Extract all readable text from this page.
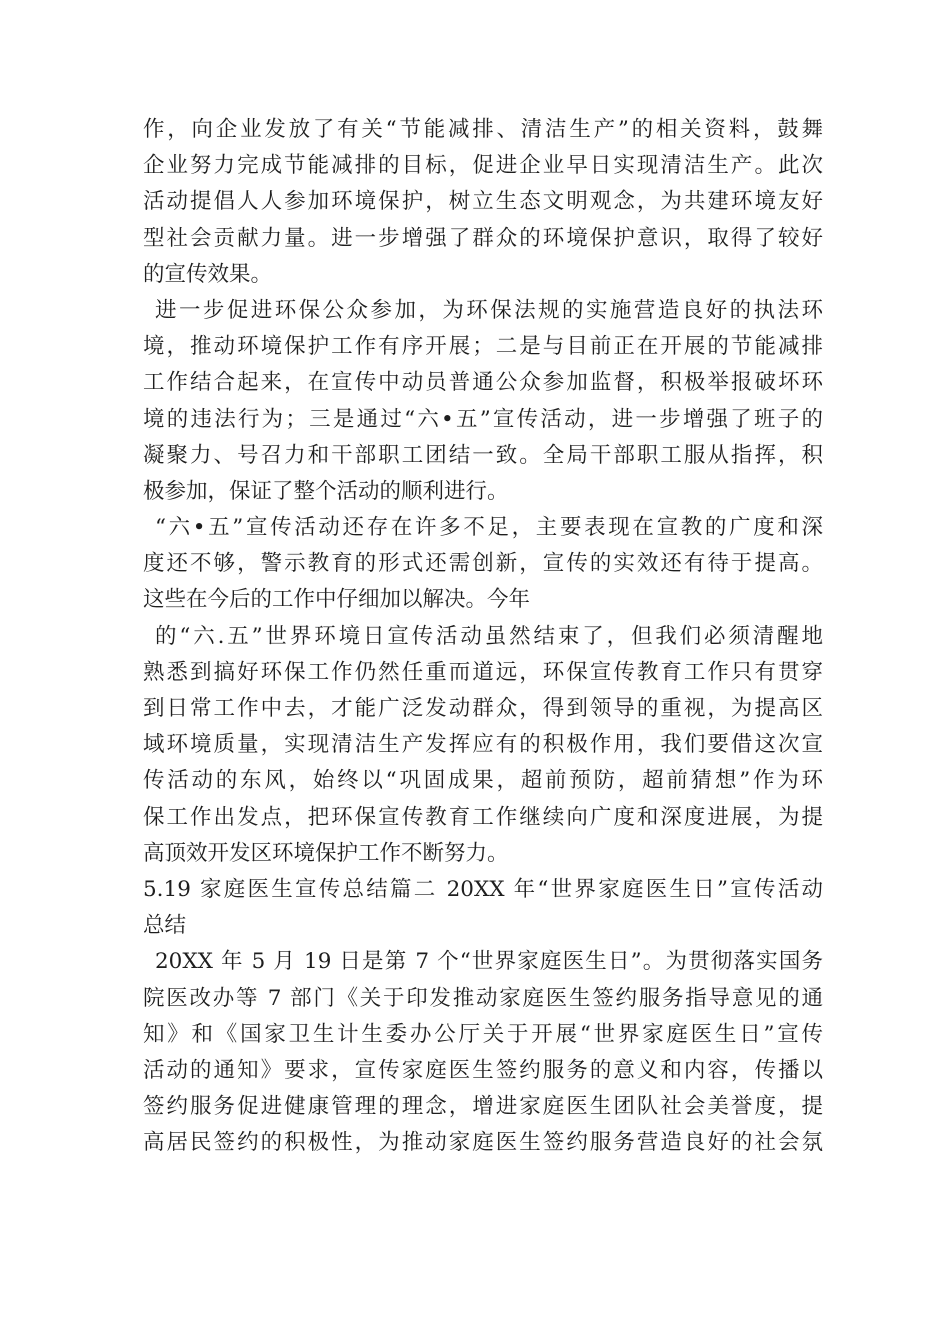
作，向企业发放了有关“节能减排、清洁生产”的相关资料，鼓舞
企业努力完成节能减排的目标，促进企业早日实现清洁生产。此次
活动提倡人人参加环境保护，树立生态文明观念，为共建环境友好
型社会贡献力量。进一步增强了群众的环境保护意识，取得了较好
的宣传效果。
进一步促进环保公众参加，为环保法规的实施营造良好的执法环
境，推动环境保护工作有序开展；二是与目前正在开展的节能减排
工作结合起来，在宣传中动员普通公众参加监督，积极举报破坏环
境的违法行为；三是通过“六•五”宣传活动，进一步增强了班子的
凝聚力、号召力和干部职工团结一致。全局干部职工服从指挥，积
极参加，保证了整个活动的顺利进行。
“六•五”宣传活动还存在许多不足，主要表现在宣教的广度和深
度还不够，警示教育的形式还需创新，宣传的实效还有待于提高。
这些在今后的工作中仔细加以解决。今年
的“六.五”世界环境日宣传活动虽然结束了，但我们必须清醒地
熟悉到搞好环保工作仍然任重而道远，环保宣传教育工作只有贯穿
到日常工作中去，才能广泛发动群众，得到领导的重视，为提高区
域环境质量，实现清洁生产发挥应有的积极作用，我们要借这次宣
传活动的东风，始终以“巩固成果，超前预防，超前猜想”作为环
保工作出发点，把环保宣传教育工作继续向广度和深度进展，为提
高顶效开发区环境保护工作不断努力。
5.19 家庭医生宣传总结篇二 20XX 年“世界家庭医生日”宣传活动
总结
20XX 年 5 月 19 日是第 7 个“世界家庭医生日”。为贯彻落实国务
院医改办等 7 部门《关于印发推动家庭医生签约服务指导意见的通
知》和《国家卫生计生委办公厅关于开展“世界家庭医生日”宣传
活动的通知》要求，宣传家庭医生签约服务的意义和内容，传播以
签约服务促进健康管理的理念，增进家庭医生团队社会美誉度，提
高居民签约的积极性，为推动家庭医生签约服务营造良好的社会氛
